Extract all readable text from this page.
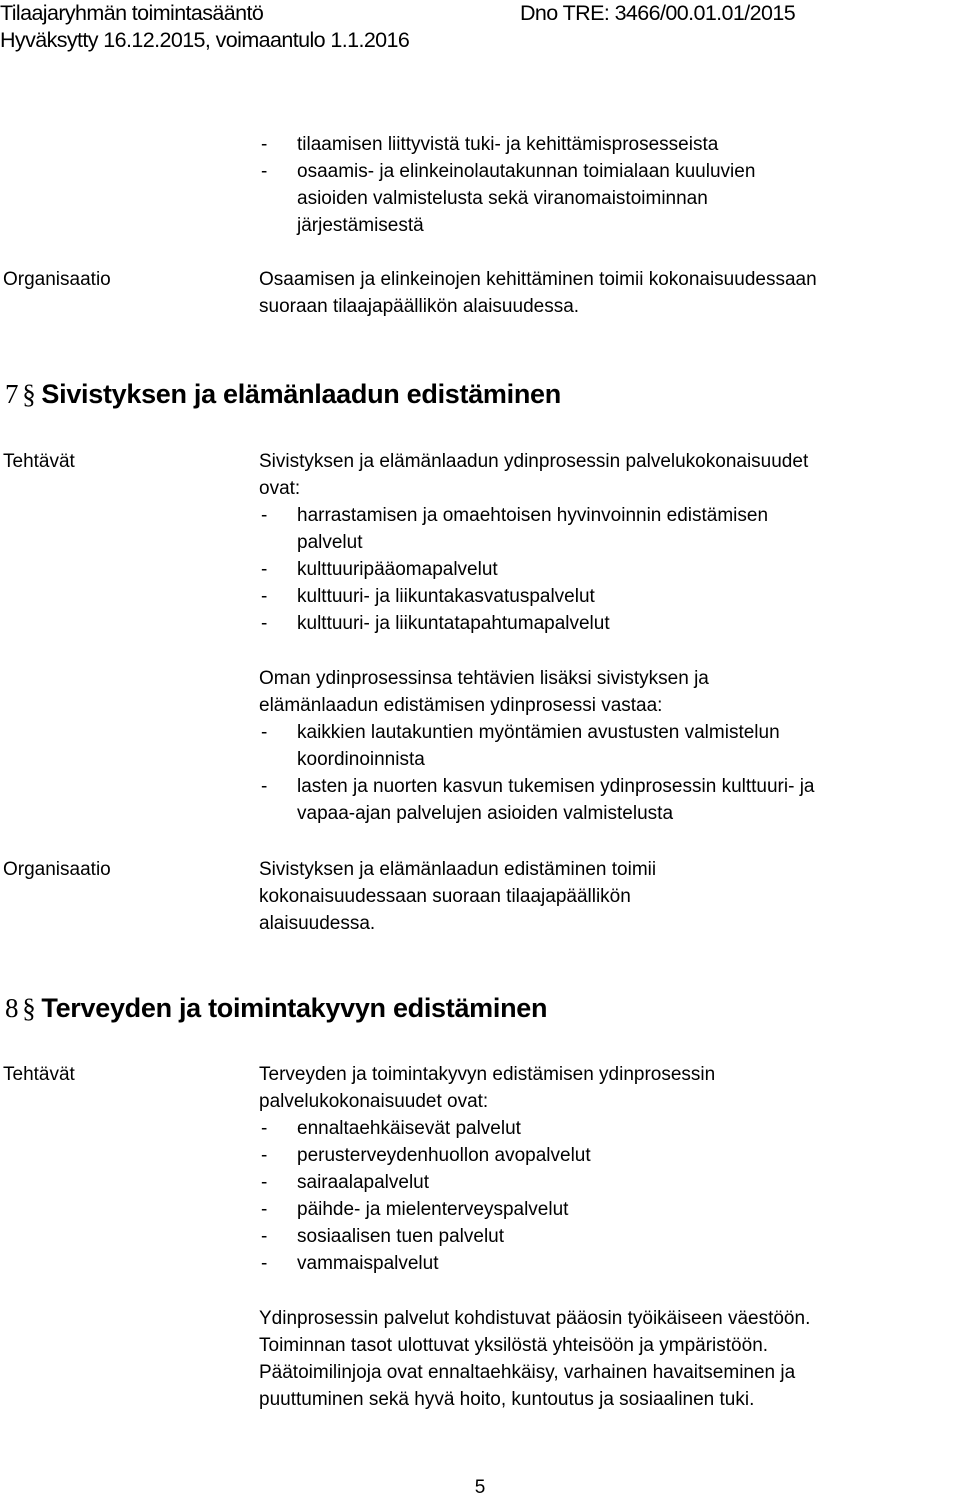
Tilaajaryhmän toimintasääntö	Dno TRE: 3466/00.01.01/2015
Hyväksytty 16.12.2015, voimaantulo 1.1.2016
- tilaamisen liittyvistä tuki- ja kehittämisprosesseista
- osaamis- ja elinkeinolautakunnan toimialaan kuuluvien
asioiden valmistelusta sekä viranomaistoiminnan
järjestämisestä
Organisaatio	Osaamisen ja elinkeinojen kehittäminen toimii kokonaisuudessaan
suoraan tilaajapäällikön alaisuudessa.
7 § Sivistyksen ja elämänlaadun edistäminen
Tehtävät	Sivistyksen ja elämänlaadun ydinprosessin palvelukokonaisuudet
ovat:
- harrastamisen ja omaehtoisen hyvinvoinnin edistämisen
palvelut
- kulttuuripääomapalvelut
- kulttuuri- ja liikuntakasvatuspalvelut
- kulttuuri- ja liikuntatapahtumapalvelut
Oman ydinprosessinsa tehtävien lisäksi sivistyksen ja
elämänlaadun edistämisen ydinprosessi vastaa:
- kaikkien lautakuntien myöntämien avustusten valmistelun
koordinoinnista
- lasten ja nuorten kasvun tukemisen ydinprosessin kulttuuri- ja
vapaa-ajan palvelujen asioiden valmistelusta
Organisaatio	Sivistyksen ja elämänlaadun edistäminen toimii
kokonaisuudessaan suoraan tilaajapäällikön
alaisuudessa.
8 § Terveyden ja toimintakyvyn edistäminen
Tehtävät	Terveyden ja toimintakyvyn edistämisen ydinprosessin
palvelukokonaisuudet ovat:
- ennaltaehkäisevät palvelut
- perusterveydenhuollon avopalvelut
- sairaalapalvelut
- päihde- ja mielenterveyspalvelut
- sosiaalisen tuen palvelut
- vammaispalvelut
Ydinprosessin palvelut kohdistuvat pääosin työikäiseen väestöön.
Toiminnan tasot ulottuvat yksilöstä yhteisöön ja ympäristöön.
Päätoimilinjoja ovat ennaltaehkäisy, varhainen havaitseminen ja
puuttuminen sekä hyvä hoito, kuntoutus ja sosiaalinen tuki.
5
